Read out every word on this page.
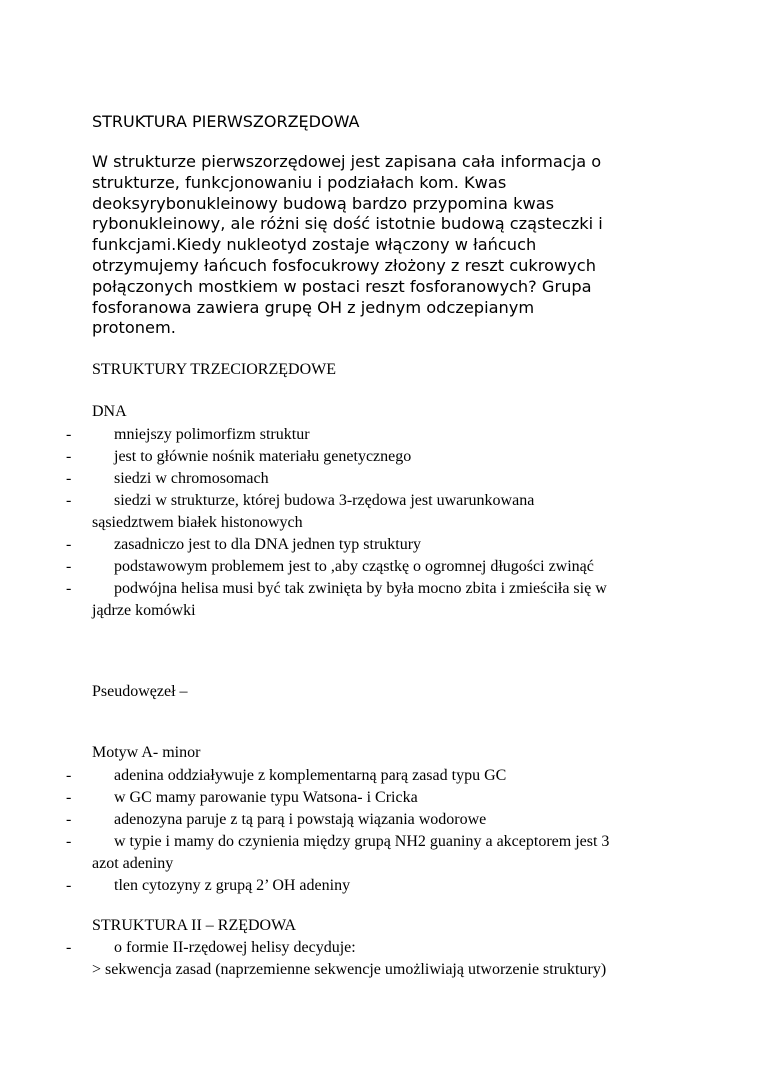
STRUKTURA PIERWSZORZĘDOWA
W strukturze pierwszorzędowej jest zapisana cała informacja o
strukturze, funkcjonowaniu i podziałach kom. Kwas
deoksyrybonukleinowy budową bardzo przypomina kwas
rybonukleinowy, ale różni się dość istotnie budową cząsteczki i
funkcjami.Kiedy nukleotyd zostaje włączony w łańcuch
otrzymujemy łańcuch fosfocukrowy złożony z reszt cukrowych
połączonych mostkiem w postaci reszt fosforanowych? Grupa
fosforanowa zawiera grupę OH z jednym odczepianym
protonem.
STRUKTURY TRZECIORZĘDOWE
DNA
-	mniejszy polimorfizm struktur
-	jest to głównie nośnik materiału genetycznego
-	siedzi w chromosomach
-	siedzi w strukturze, której budowa 3-rzędowa jest uwarunkowana
sąsiedztwem białek histonowych
-	zasadniczo jest to dla DNA jednen typ struktury
-	podstawowym problemem jest to ,aby cząstkę o ogromnej długości zwinąć
-	podwójna helisa musi być tak zwinięta by była mocno zbita i zmieściła się w
jądrze komówki
Pseudowęzeł –
Motyw A- minor
-	adenina oddziaływuje z komplementarną parą zasad typu GC
-	w GC mamy parowanie typu Watsona- i Cricka
-	adenozyna paruje z tą parą i powstają wiązania wodorowe
-	w typie i mamy do czynienia między grupą NH2 guaniny a akceptorem jest 3
azot adeniny
-	tlen cytozyny z grupą 2’ OH adeniny
STRUKTURA II – RZĘDOWA
-	o formie II-rzędowej helisy decyduje:
> sekwencja zasad (naprzemienne sekwencje umożliwiają utworzenie struktury)
